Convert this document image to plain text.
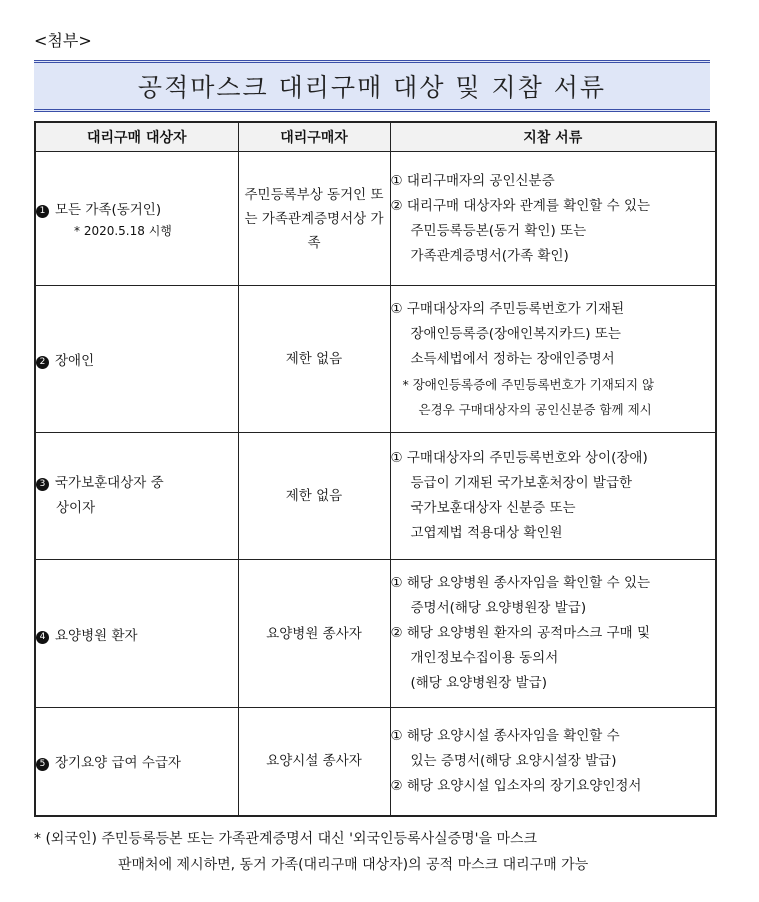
<첨부>
공적마스크 대리구매 대상 및 지참 서류
대리구매 대상자	대리구매자	지참 서류
1 모든 가족(동거인)
* 2020.5.18 시행	주민등록부상 동거인 또는 가족관계증명서상 가족	① 대리구매자의 공인신분증
② 대리구매 대상자와 관계를 확인할 수 있는
주민등록등본(동거 확인) 또는
가족관계증명서(가족 확인)

2 장애인	제한 없음	① 구매대상자의 주민등록번호가 기재된
장애인등록증(장애인복지카드) 또는
소득세법에서 정하는 장애인증명서
* 장애인등록증에 주민등록번호가 기재되지 않
은경우 구매대상자의 공인신분증 함께 제시

3 국가보훈대상자 중
상이자	제한 없음	① 구매대상자의 주민등록번호와 상이(장애)
등급이 기재된 국가보훈처장이 발급한
국가보훈대상자 신분증 또는
고엽제법 적용대상 확인원

4 요양병원 환자	요양병원 종사자	① 해당 요양병원 종사자임을 확인할 수 있는
증명서(해당 요양병원장 발급)
② 해당 요양병원 환자의 공적마스크 구매 및
개인정보수집이용 동의서
(해당 요양병원장 발급)

5 장기요양 급여 수급자	요양시설 종사자	① 해당 요양시설 종사자임을 확인할 수
있는 증명서(해당 요양시설장 발급)
② 해당 요양시설 입소자의 장기요양인정서
* (외국인) 주민등록등본 또는 가족관계증명서 대신 '외국인등록사실증명'을 마스크
판매처에 제시하면, 동거 가족(대리구매 대상자)의 공적 마스크 대리구매 가능
